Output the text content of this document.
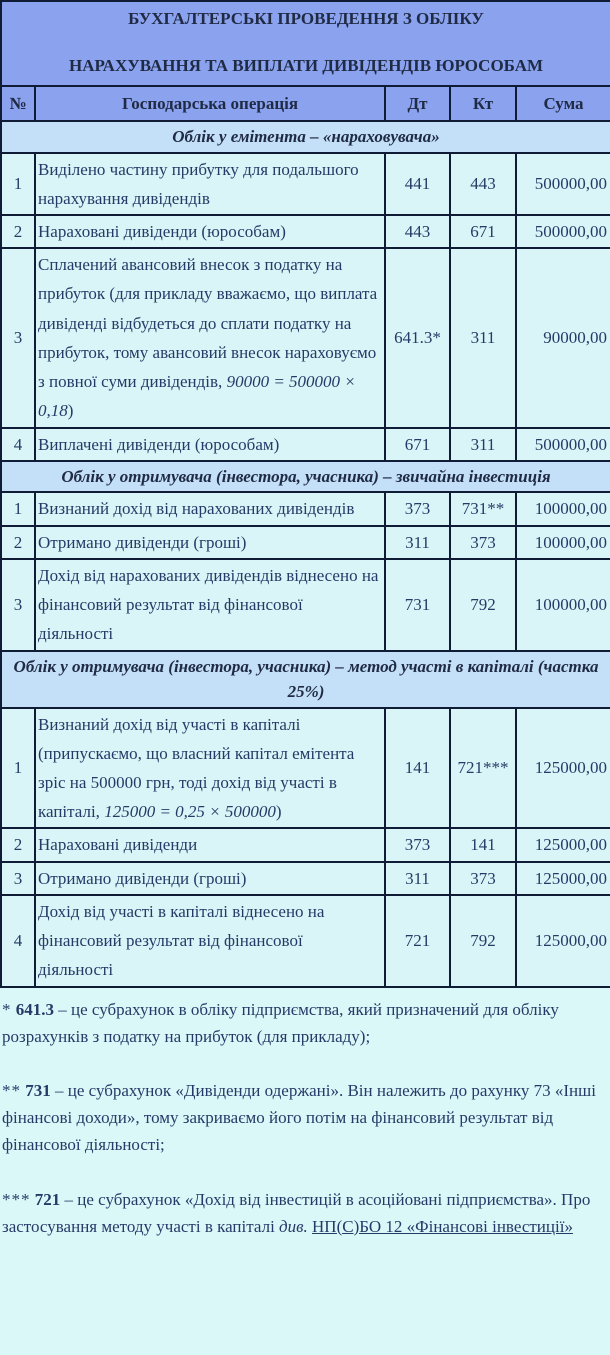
БУХГАЛТЕРСЬКІ ПРОВЕДЕННЯ З ОБЛІКУ
НАРАХУВАННЯ ТА ВИПЛАТИ ДИВІДЕНДІВ ЮРОСОБАМ				

№	Господарська операція	Дт	Кт	Сума
Облік у емітента – «нараховувача»				
1	Виділено частину прибутку для подальшого нарахування дивідендів	441	443	500000,00
2	Нараховані дивіденди (юрособам)	443	671	500000,00
3	Сплачений авансовий внесок з податку на прибуток (для прикладу вважаємо, що виплата дивіденді відбудеться до сплати податку на прибуток, тому авансовий внесок нараховуємо з повної суми дивідендів, 90000 = 500000 × 0,18)	641.3*	311	90000,00
4	Виплачені дивіденди (юрособам)	671	311	500000,00
Облік у отримувача (інвестора, учасника) – звичайна інвестиція				
1	Визнаний дохід від нарахованих дивідендів	373	731**	100000,00
2	Отримано дивіденди (гроші)	311	373	100000,00
3	Дохід від нарахованих дивідендів віднесено на фінансовий результат від фінансової діяльності	731	792	100000,00
Облік у отримувача (інвестора, учасника) – метод участі в капіталі (частка 25%)				
1	Визнаний дохід від участі в капіталі (припускаємо, що власний капітал емітента зріс на 500000 грн, тоді дохід від участі в капіталі, 125000 = 0,25 × 500000)	141	721***	125000,00
2	Нараховані дивіденди	373	141	125000,00
3	Отримано дивіденди (гроші)	311	373	125000,00
4	Дохід від участі в капіталі віднесено на фінансовий результат від фінансової діяльності	721	792	125000,00

* 641.3 – це субрахунок в обліку підприємства, який призначений для обліку розрахунків з податку на прибуток (для прикладу);

** 731 – це субрахунок «Дивіденди одержані». Він належить до рахунку 73 «Інші фінансові доходи», тому закриваємо його потім на фінансовий результат від фінансової діяльності;

*** 721 – це субрахунок «Дохід від інвестицій в асоційовані підприємства». Про застосування методу участі в капіталі див. НП(С)БО 12 «Фінансові інвестиції»
